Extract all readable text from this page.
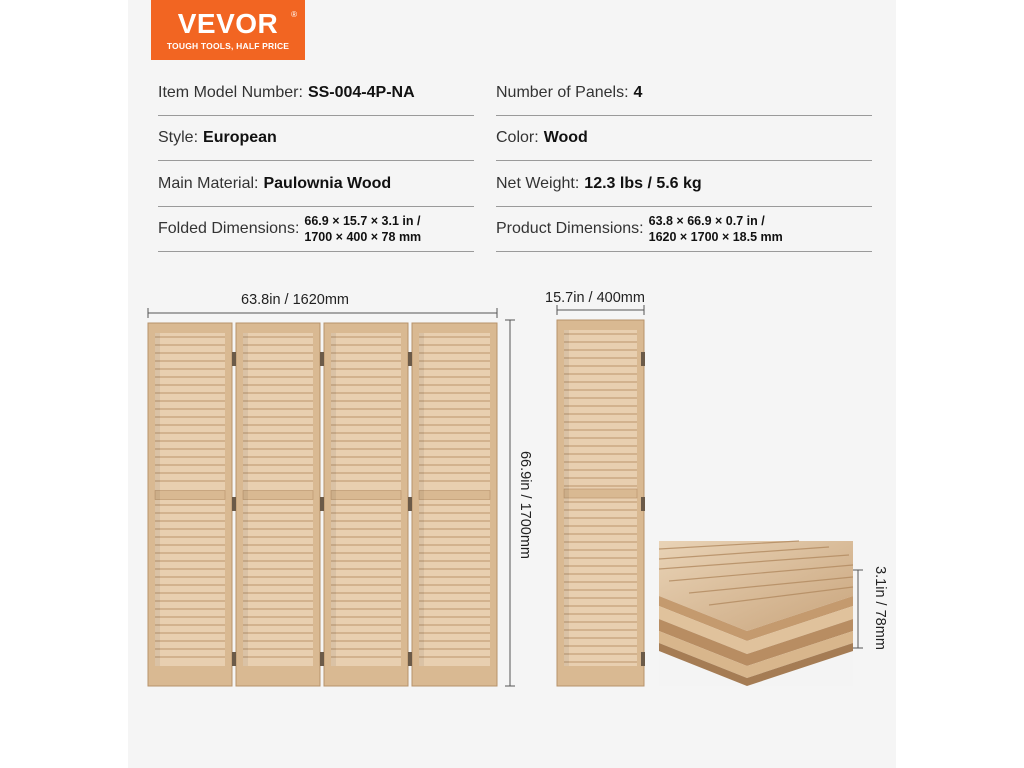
VEVOR	®
TOUGH TOOLS, HALF PRICE
Item Model Number: SS-004-4P-NA
Style: European
Main Material: Paulownia Wood
Folded Dimensions: 66.9 × 15.7 × 3.1 in /
1700 × 400 × 78 mm
Number of Panels: 4
Color: Wood
Net Weight: 12.3 lbs / 5.6 kg
Product Dimensions: 63.8 × 66.9 × 0.7 in /
1620 × 1700 × 18.5 mm
63.8in / 1620mm	15.7in / 400mm
66.9in / 1700mm
3.1in / 78mm
